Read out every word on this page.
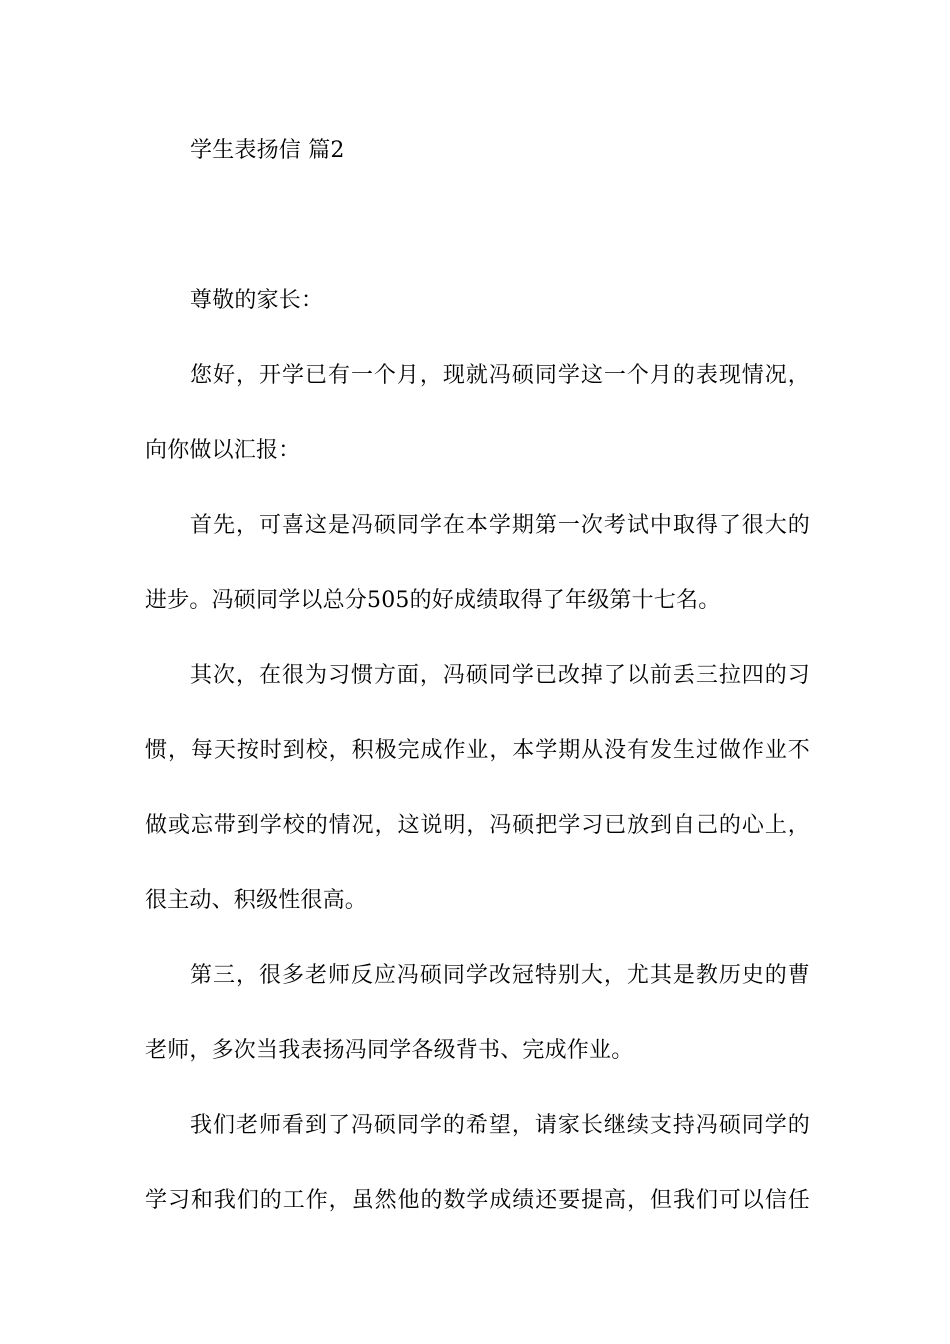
学生表扬信 篇2
尊敬的家长：
您好，开学已有一个月，现就冯硕同学这一个月的表现情况，
向你做以汇报：
首先，可喜这是冯硕同学在本学期第一次考试中取得了很大的
进步。冯硕同学以总分505的好成绩取得了年级第十七名。
其次，在很为习惯方面，冯硕同学已改掉了以前丢三拉四的习
惯，每天按时到校，积极完成作业，本学期从没有发生过做作业不
做或忘带到学校的情况，这说明，冯硕把学习已放到自己的心上，
很主动、积级性很高。
第三，很多老师反应冯硕同学改冠特别大，尤其是教历史的曹
老师，多次当我表扬冯同学各级背书、完成作业。
我们老师看到了冯硕同学的希望，请家长继续支持冯硕同学的
学习和我们的工作，虽然他的数学成绩还要提高，但我们可以信任
